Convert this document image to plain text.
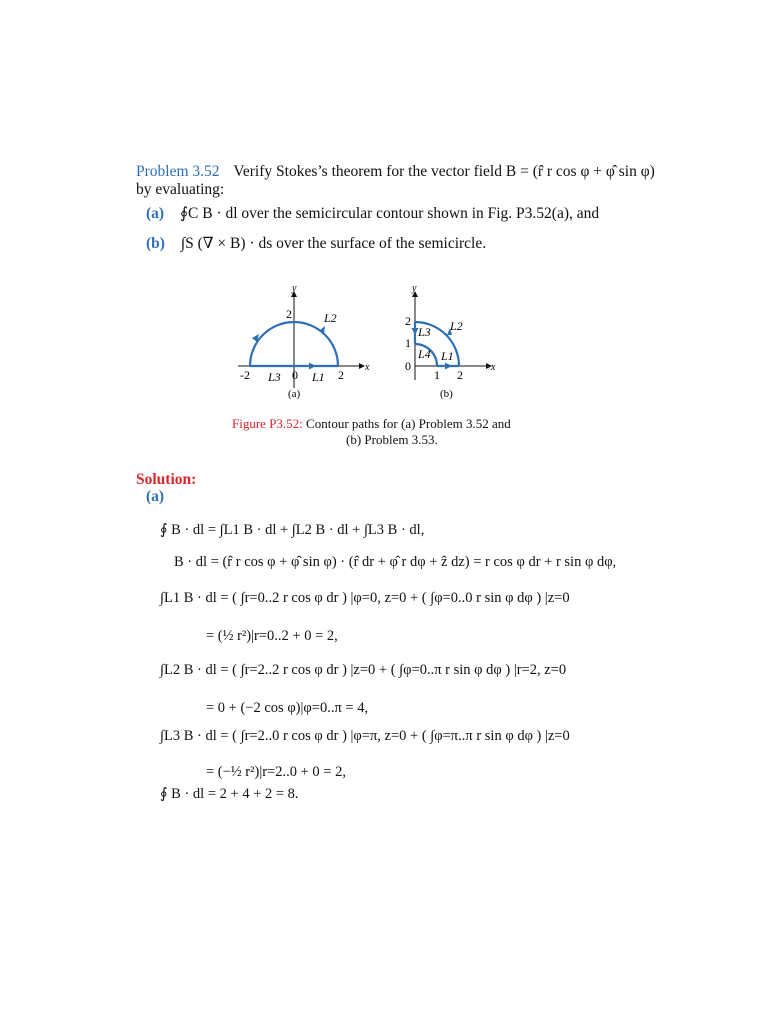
Problem 3.52 Verify Stokes’s theorem for the vector field B = (r̂ r cos φ + φ̂ sin φ)
by evaluating:
(a) ∮C B · dl over the semicircular contour shown in Fig. P3.52(a), and
(b) ∫S (∇ × B) · ds over the surface of the semicircle.
y
x
2
-2	0	2
L2
L3	L1
(a)
y
x
2
1
0
1 2
L2
L3
L4 L1
(b)
Figure P3.52: Contour paths for (a) Problem 3.52 and
(b) Problem 3.53.
Solution:
(a)
∮ B · dl = ∫L1 B · dl + ∫L2 B · dl + ∫L3 B · dl,
B · dl = (r̂ r cos φ + φ̂ sin φ) · (r̂ dr + φ̂ r dφ + ẑ dz) = r cos φ dr + r sin φ dφ,
∫L1 B · dl = ( ∫r=0..2 r cos φ dr ) |φ=0, z=0 + ( ∫φ=0..0 r sin φ dφ ) |z=0
= (½ r²)|r=0..2 + 0 = 2,
∫L2 B · dl = ( ∫r=2..2 r cos φ dr ) |z=0 + ( ∫φ=0..π r sin φ dφ ) |r=2, z=0
= 0 + (−2 cos φ)|φ=0..π = 4,
∫L3 B · dl = ( ∫r=2..0 r cos φ dr ) |φ=π, z=0 + ( ∫φ=π..π r sin φ dφ ) |z=0
= (−½ r²)|r=2..0 + 0 = 2,
∮ B · dl = 2 + 4 + 2 = 8.
